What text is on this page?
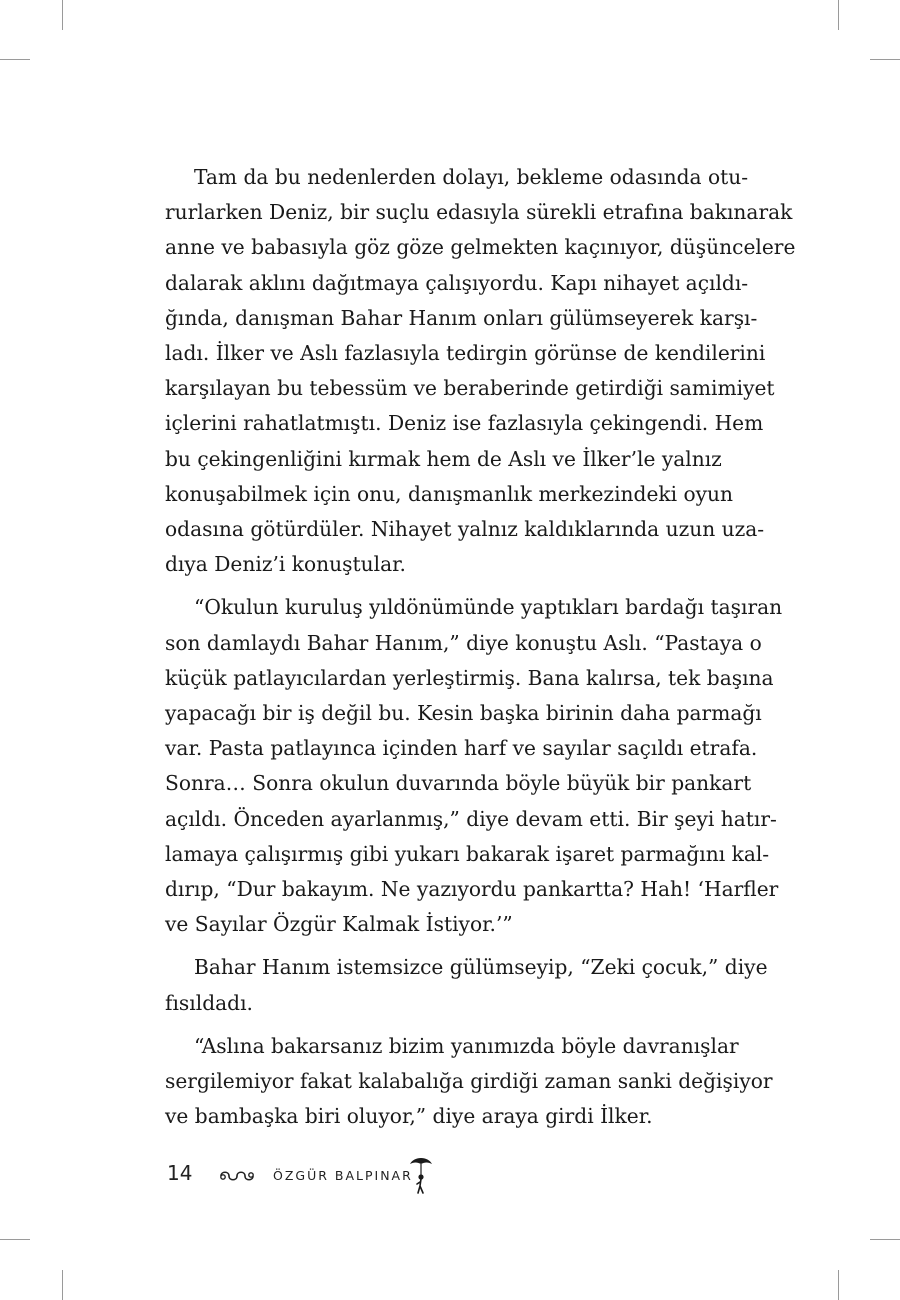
Tam da bu nedenlerden dolayı, bekleme odasında otu-
rurlarken Deniz, bir suçlu edasıyla sürekli etrafına bakınarak
anne ve babasıyla göz göze gelmekten kaçınıyor, düşüncelere
dalarak aklını dağıtmaya çalışıyordu. Kapı nihayet açıldı-
ğında, danışman Bahar Hanım onları gülümseyerek karşı-
ladı. İlker ve Aslı fazlasıyla tedirgin görünse de kendilerini
karşılayan bu tebessüm ve beraberinde getirdiği samimiyet
içlerini rahatlatmıştı. Deniz ise fazlasıyla çekingendi. Hem
bu çekingenliğini kırmak hem de Aslı ve İlker’le yalnız
konuşabilmek için onu, danışmanlık merkezindeki oyun
odasına götürdüler. Nihayet yalnız kaldıklarında uzun uza-
dıya Deniz’i konuştular.
“Okulun kuruluş yıldönümünde yaptıkları bardağı taşıran
son damlaydı Bahar Hanım,” diye konuştu Aslı. “Pastaya o
küçük patlayıcılardan yerleştirmiş. Bana kalırsa, tek başına
yapacağı bir iş değil bu. Kesin başka birinin daha parmağı
var. Pasta patlayınca içinden harf ve sayılar saçıldı etrafa.
Sonra… Sonra okulun duvarında böyle büyük bir pankart
açıldı. Önceden ayarlanmış,” diye devam etti. Bir şeyi hatır-
lamaya çalışırmış gibi yukarı bakarak işaret parmağını kal-
dırıp, “Dur bakayım. Ne yazıyordu pankartta? Hah! ‘Harfler
ve Sayılar Özgür Kalmak İstiyor.’”
Bahar Hanım istemsizce gülümseyip, “Zeki çocuk,” diye
fısıldadı.
“Aslına bakarsanız bizim yanımızda böyle davranışlar
sergilemiyor fakat kalabalığa girdiği zaman sanki değişiyor
ve bambaşka biri oluyor,” diye araya girdi İlker.
14	ÖZGÜR BALPINAR
